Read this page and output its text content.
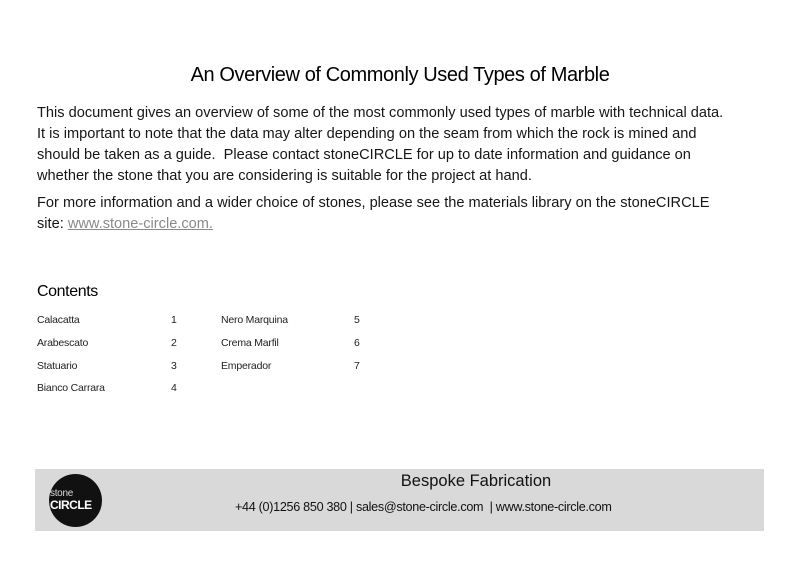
An Overview of Commonly Used Types of Marble
This document gives an overview of some of the most commonly used types of marble with technical data.
It is important to note that the data may alter depending on the seam from which the rock is mined and
should be taken as a guide.  Please contact stoneCIRCLE for up to date information and guidance on
whether the stone that you are considering is suitable for the project at hand.
For more information and a wider choice of stones, please see the materials library on the stoneCIRCLE
site: www.stone-circle.com.
Contents
Calacatta	1
Arabescato	2
Statuario	3
Bianco Carrara	4
Nero Marquina	5
Crema Marfil	6
Emperador	7
stone
CIRCLE
Bespoke Fabrication
+44 (0)1256 850 380 | sales@stone-circle.com  | www.stone-circle.com
